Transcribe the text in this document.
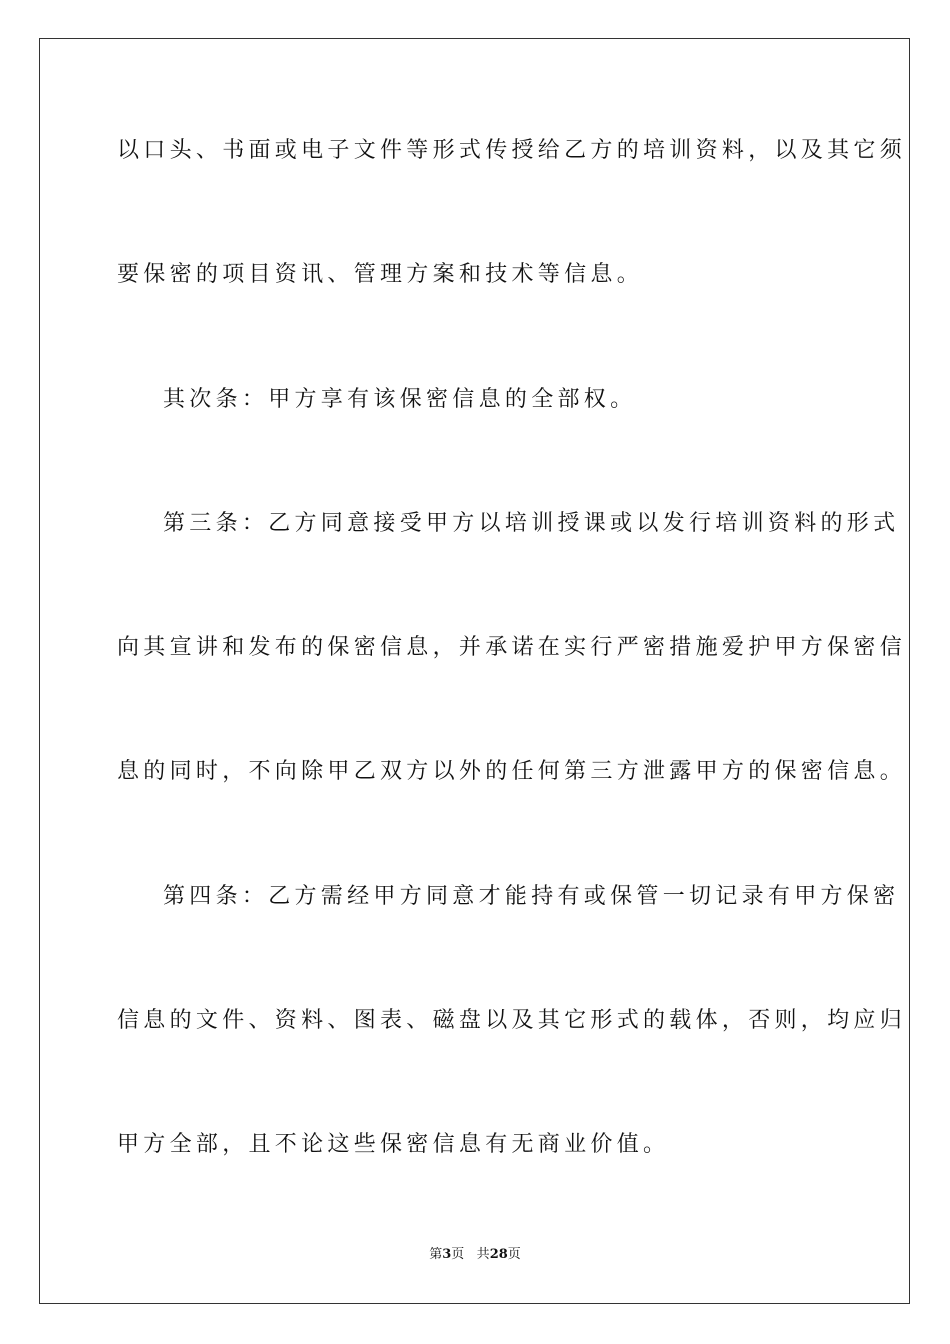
以口头、书面或电子文件等形式传授给乙方的培训资料，以及其它须
要保密的项目资讯、管理方案和技术等信息。
其次条：甲方享有该保密信息的全部权。
第三条：乙方同意接受甲方以培训授课或以发行培训资料的形式
向其宣讲和发布的保密信息，并承诺在实行严密措施爱护甲方保密信
息的同时，不向除甲乙双方以外的任何第三方泄露甲方的保密信息。
第四条：乙方需经甲方同意才能持有或保管一切记录有甲方保密
信息的文件、资料、图表、磁盘以及其它形式的载体，否则，均应归
甲方全部，且不论这些保密信息有无商业价值。
第3页 共28页
